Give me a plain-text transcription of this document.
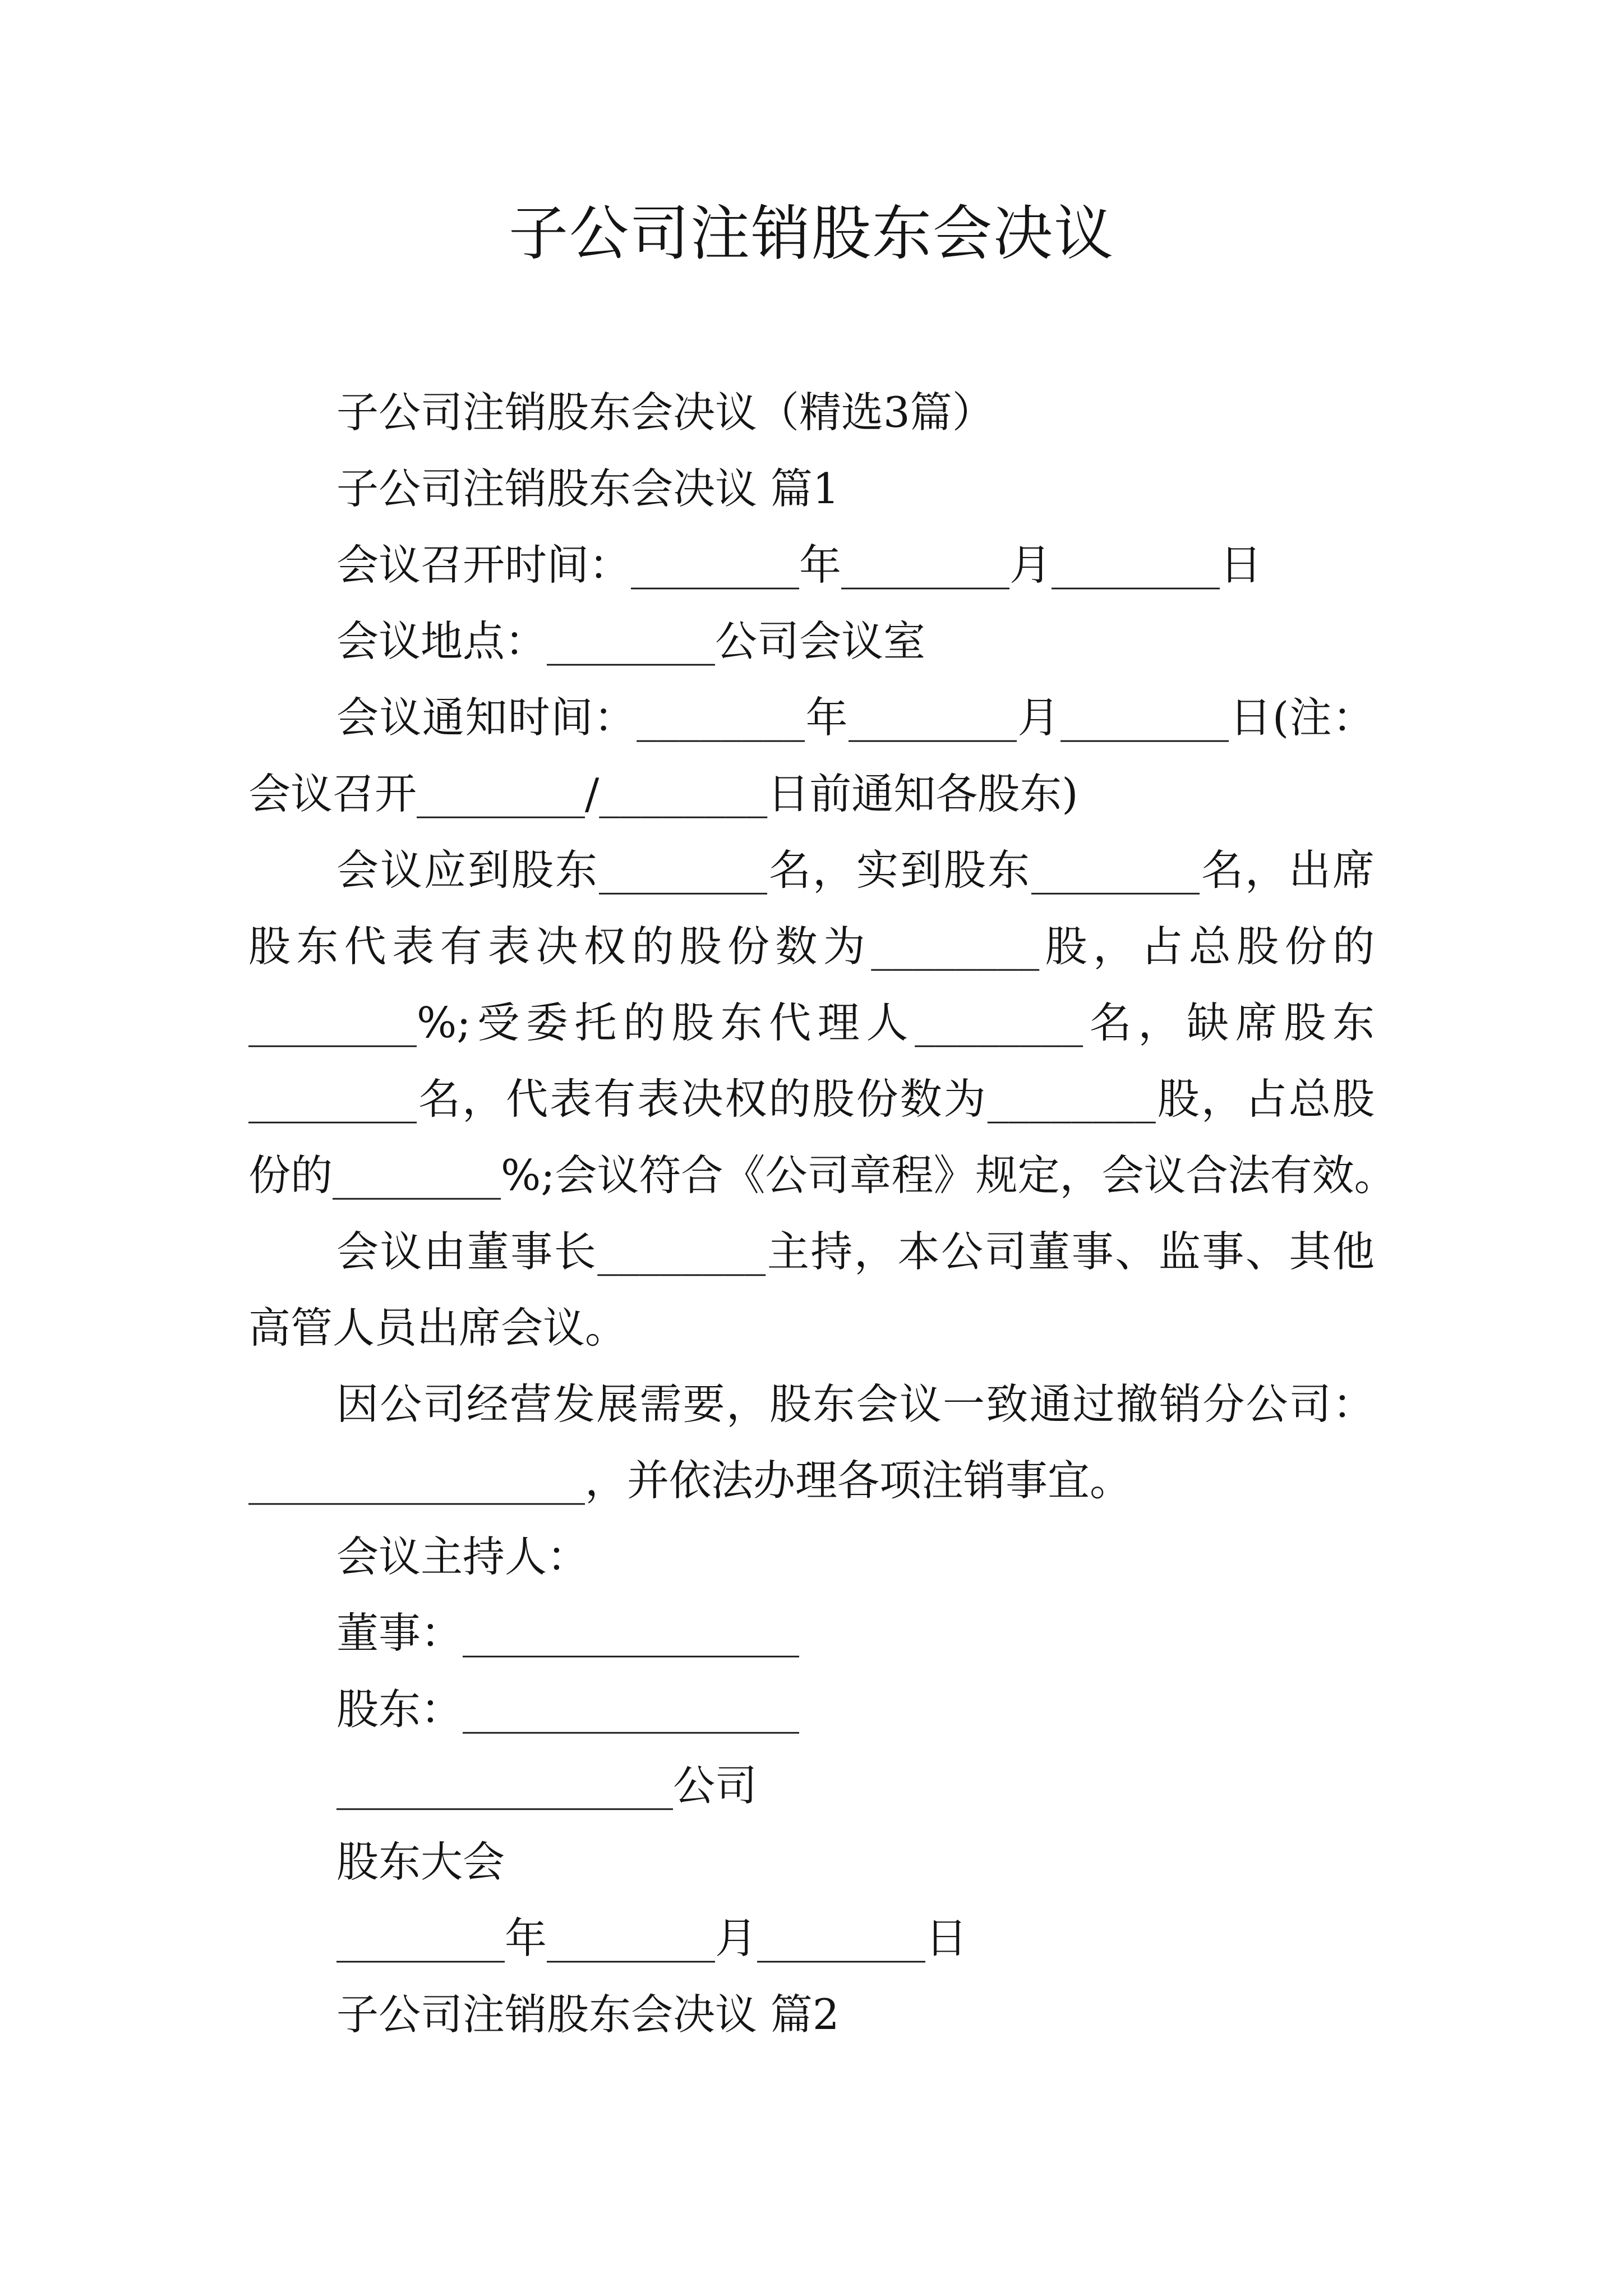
子公司注销股东会决议
子公司注销股东会决议（精选3篇）
子公司注销股东会决议 篇1
会议召开时间：________年________月________日
会议地点：________公司会议室
会议通知时间：________年________月________日(注：
会议召开________/________日前通知各股东)
会议应到股东________名，实到股东________名，出席
股东代表有表决权的股份数为________股，占总股份的
________%;受委托的股东代理人________名，缺席股东
________名，代表有表决权的股份数为________股，占总股
份的________%;会议符合《公司章程》规定，会议合法有效。
会议由董事长________主持，本公司董事、监事、其他
高管人员出席会议。
因公司经营发展需要，股东会议一致通过撤销分公司：
________________，并依法办理各项注销事宜。
会议主持人：
董事：________________
股东：________________
________________公司
股东大会
________年________月________日
子公司注销股东会决议 篇2
